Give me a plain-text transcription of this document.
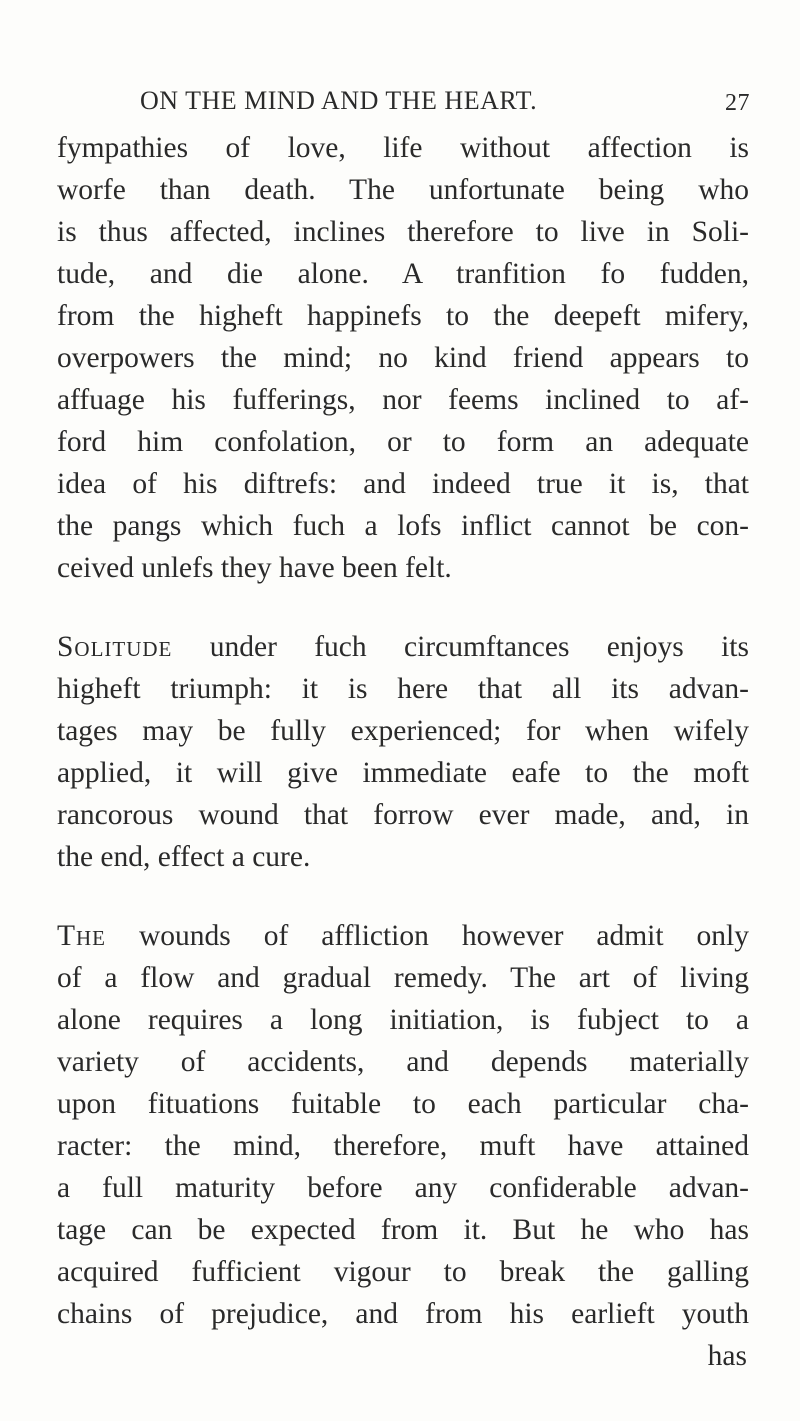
ON THE MIND AND THE HEART.	27
fympathies of love, life without affection is
worfe than death. The unfortunate being who
is thus affected, inclines therefore to live in Soli-
tude, and die alone. A tranfition fo fudden,
from the higheft happinefs to the deepeft mifery,
overpowers the mind; no kind friend appears to
affuage his fufferings, nor feems inclined to af-
ford him confolation, or to form an adequate
idea of his diftrefs: and indeed true it is, that
the pangs which fuch a lofs inflict cannot be con-
ceived unlefs they have been felt.
Solitude under fuch circumftances enjoys its
higheft triumph: it is here that all its advan-
tages may be fully experienced; for when wifely
applied, it will give immediate eafe to the moft
rancorous wound that forrow ever made, and, in
the end, effect a cure.
The wounds of affliction however admit only
of a flow and gradual remedy. The art of living
alone requires a long initiation, is fubject to a
variety of accidents, and depends materially
upon fituations fuitable to each particular cha-
racter: the mind, therefore, muft have attained
a full maturity before any confiderable advan-
tage can be expected from it. But he who has
acquired fufficient vigour to break the galling
chains of prejudice, and from his earlieft youth
has
